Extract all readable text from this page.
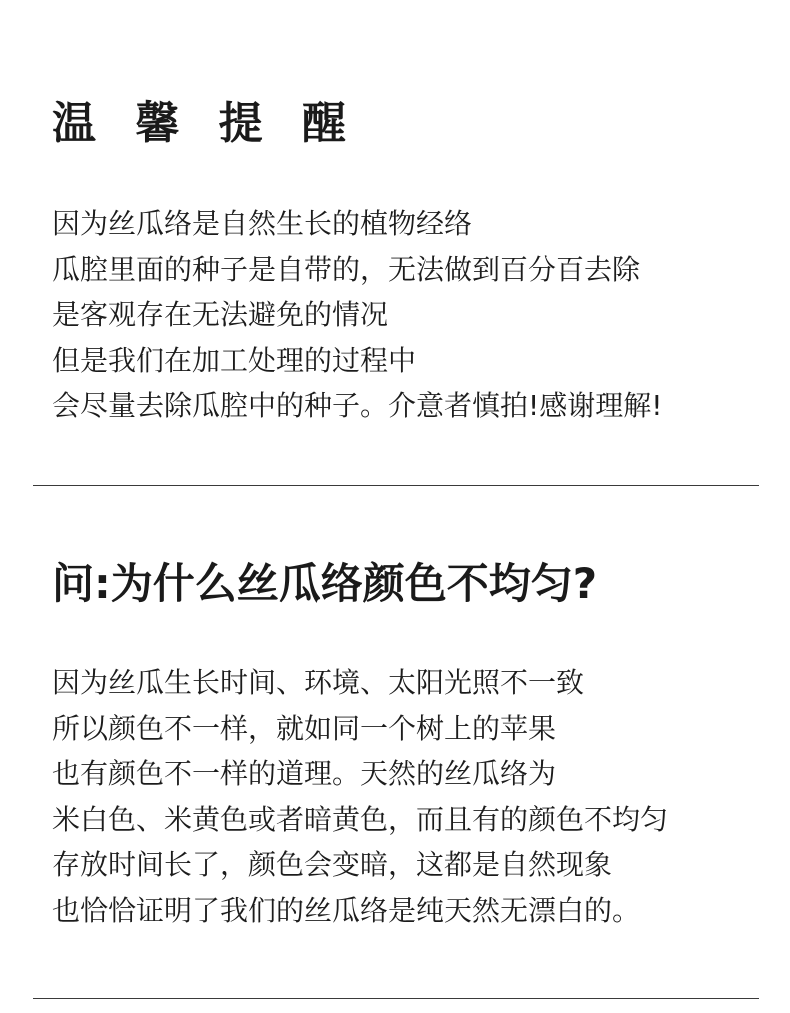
温 馨 提 醒
因为丝瓜络是自然生长的植物经络
瓜腔里面的种子是自带的，无法做到百分百去除
是客观存在无法避免的情况
但是我们在加工处理的过程中
会尽量去除瓜腔中的种子。介意者慎拍!感谢理解!
问:为什么丝瓜络颜色不均匀?
因为丝瓜生长时间、环境、太阳光照不一致
所以颜色不一样，就如同一个树上的苹果
也有颜色不一样的道理。天然的丝瓜络为
米白色、米黄色或者暗黄色，而且有的颜色不均匀
存放时间长了，颜色会变暗，这都是自然现象
也恰恰证明了我们的丝瓜络是纯天然无漂白的。
